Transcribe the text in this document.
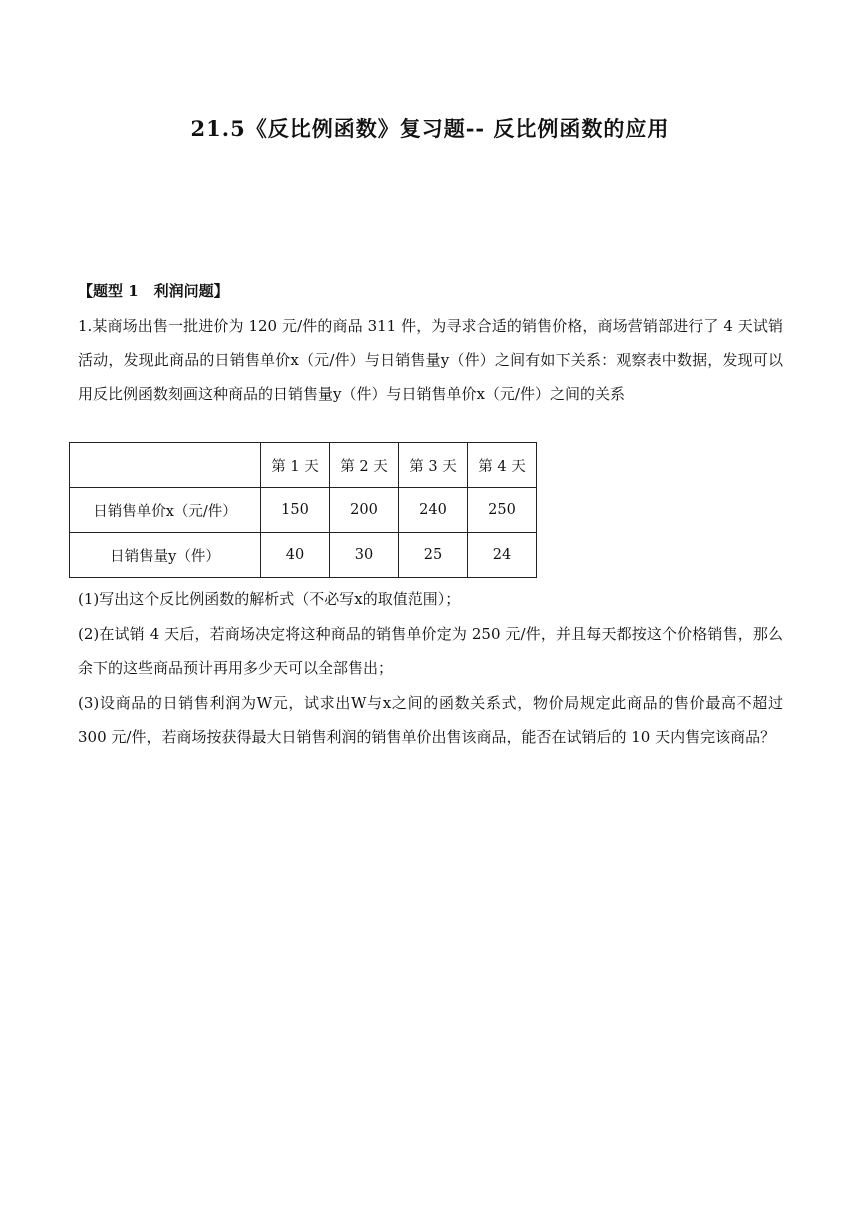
21.5《反比例函数》复习题-- 反比例函数的应用
【题型 1　利润问题】
1.某商场出售一批进价为 120 元/件的商品 311 件，为寻求合适的销售价格，商场营销部进行了 4 天试销活动，发现此商品的日销售单价x（元/件）与日销售量y（件）之间有如下关系：观察表中数据，发现可以用反比例函数刻画这种商品的日销售量y（件）与日销售单价x（元/件）之间的关系
	第 1 天	第 2 天	第 3 天	第 4 天
日销售单价x（元/件）	150	200	240	250
日销售量y（件）	40	30	25	24
(1)写出这个反比例函数的解析式（不必写x的取值范围）；
(2)在试销 4 天后，若商场决定将这种商品的销售单价定为 250 元/件，并且每天都按这个价格销售，那么余下的这些商品预计再用多少天可以全部售出；
(3)设商品的日销售利润为W元，试求出W与x之间的函数关系式，物价局规定此商品的售价最高不超过 300 元/件，若商场按获得最大日销售利润的销售单价出售该商品，能否在试销后的 10 天内售完该商品？
